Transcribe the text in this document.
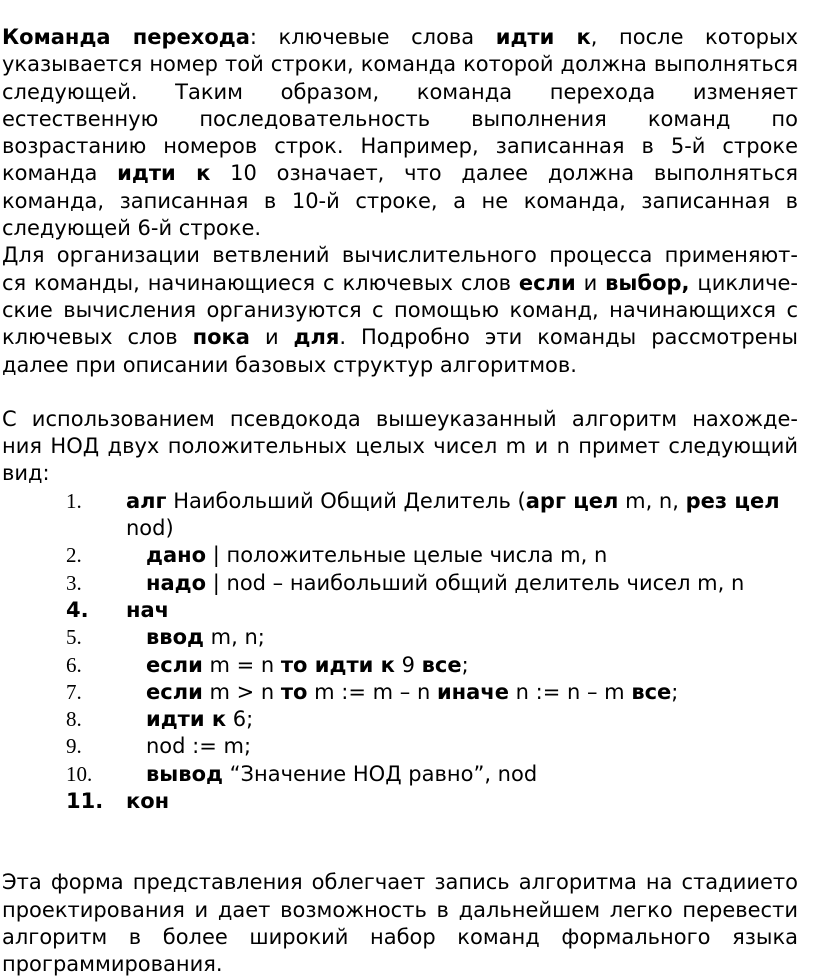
Команда перехода: ключевые слова идти к, после которых указывается номер той строки, команда которой должна выполняться следующей. Таким образом, команда перехода изменяет естественную последовательность выполнения команд по возрастанию номеров строк. Например, записанная в 5-й строке команда идти к 10 означает, что далее должна выполняться команда, записанная в 10-й строке, а не команда, записанная в следующей 6-й строке.

Для организации ветвлений вычислительного процесса применяют- ся команды, начинающиеся с ключевых слов если и выбор, цикличе- ские вычисления организуются с помощью команд, начинающихся с ключевых слов пока и для. Подробно эти команды рассмотрены далее при описании базовых структур алгоритмов.

С использованием псевдокода вышеуказанный алгоритм нахожде- ния НОД двух положительных целых чисел m и n примет следующий вид:

1. алг Наибольший Общий Делитель (арг цел m, n, рез цел nod)
2.	дано | положительные целые числа m, n
3.	надо | nod – наибольший общий делитель чисел m, n
4. нач
5.	ввод m, n;
6.	если m = n то идти к 9 все;
7.	если m > n то m := m – n иначе n := n – m все;
8.	идти к 6;
9.	nod := m;
10.	вывод “Значение НОД равно”, nod
11. кон

Эта форма представления облегчает запись алгоритма на стадиието проектирования и дает возможность в дальнейшем легко перевести алгоритм в более широкий набор команд формального языка программирования.
